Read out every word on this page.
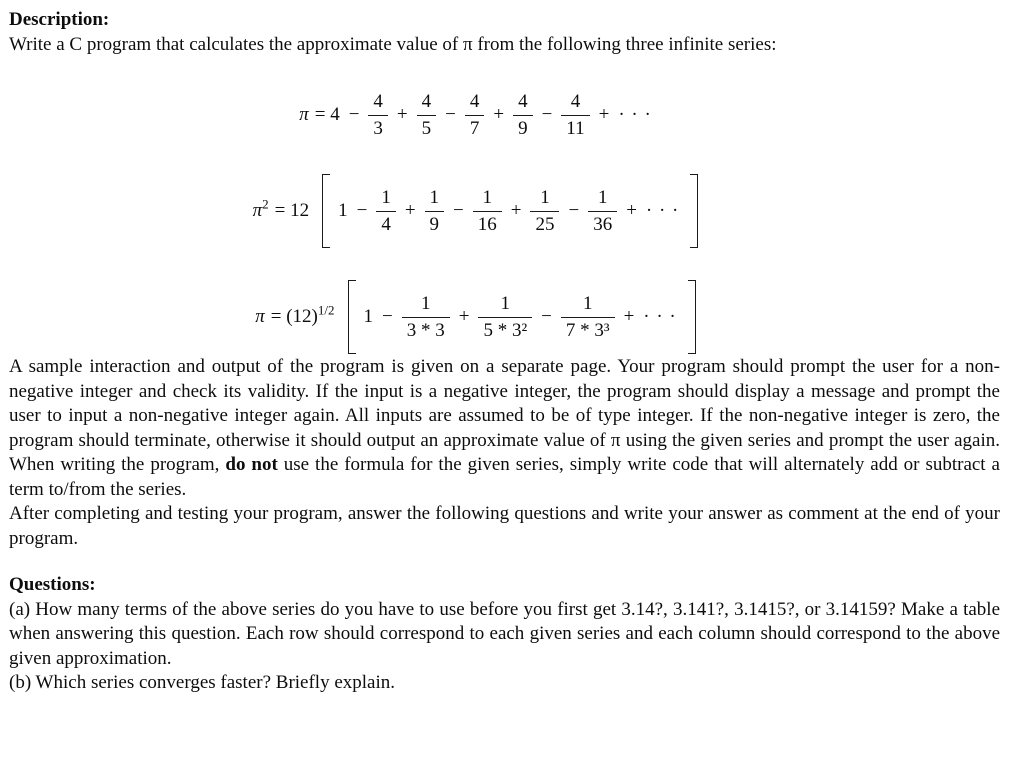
Description:

Write a C program that calculates the approximate value of π from the following three infinite series:

$\pi = 4 - \frac{4}{3} + \frac{4}{5} - \frac{4}{7} + \frac{4}{9} - \frac{4}{11}$ + · · ·
$\pi^2 = 12$ $1 - \frac{1}{4} + \frac{1}{9} - \frac{1}{16} + \frac{1}{25} - \frac{1}{36}$ + · · ·
$\pi = (12)^{1/2}$ $1 - \frac{1}{3 * 3} + \frac{1}{\text{5 * 3²}} - \frac{1}{\text{7 * 3³}}$ + · · ·

A sample interaction and output of the program is given on a separate page. Your program should prompt the user for a non-negative integer and check its validity. If the input is a negative integer, the program should display a message and prompt the user to input a non-negative integer again. All inputs are assumed to be of type integer. If the non-negative integer is zero, the program should terminate, otherwise it should output an approximate value of π using the given series and prompt the user again. When writing the program, do not use the formula for the given series, simply write code that will alternately add or subtract a term to/from the series.

After completing and testing your program, answer the following questions and write your answer as comment at the end of your program.

Questions:

(a) How many terms of the above series do you have to use before you first get 3.14?, 3.141?, 3.1415?, or 3.14159? Make a table when answering this question. Each row should correspond to each given series and each column should correspond to the above given approximation.

(b) Which series converges faster? Briefly explain.
